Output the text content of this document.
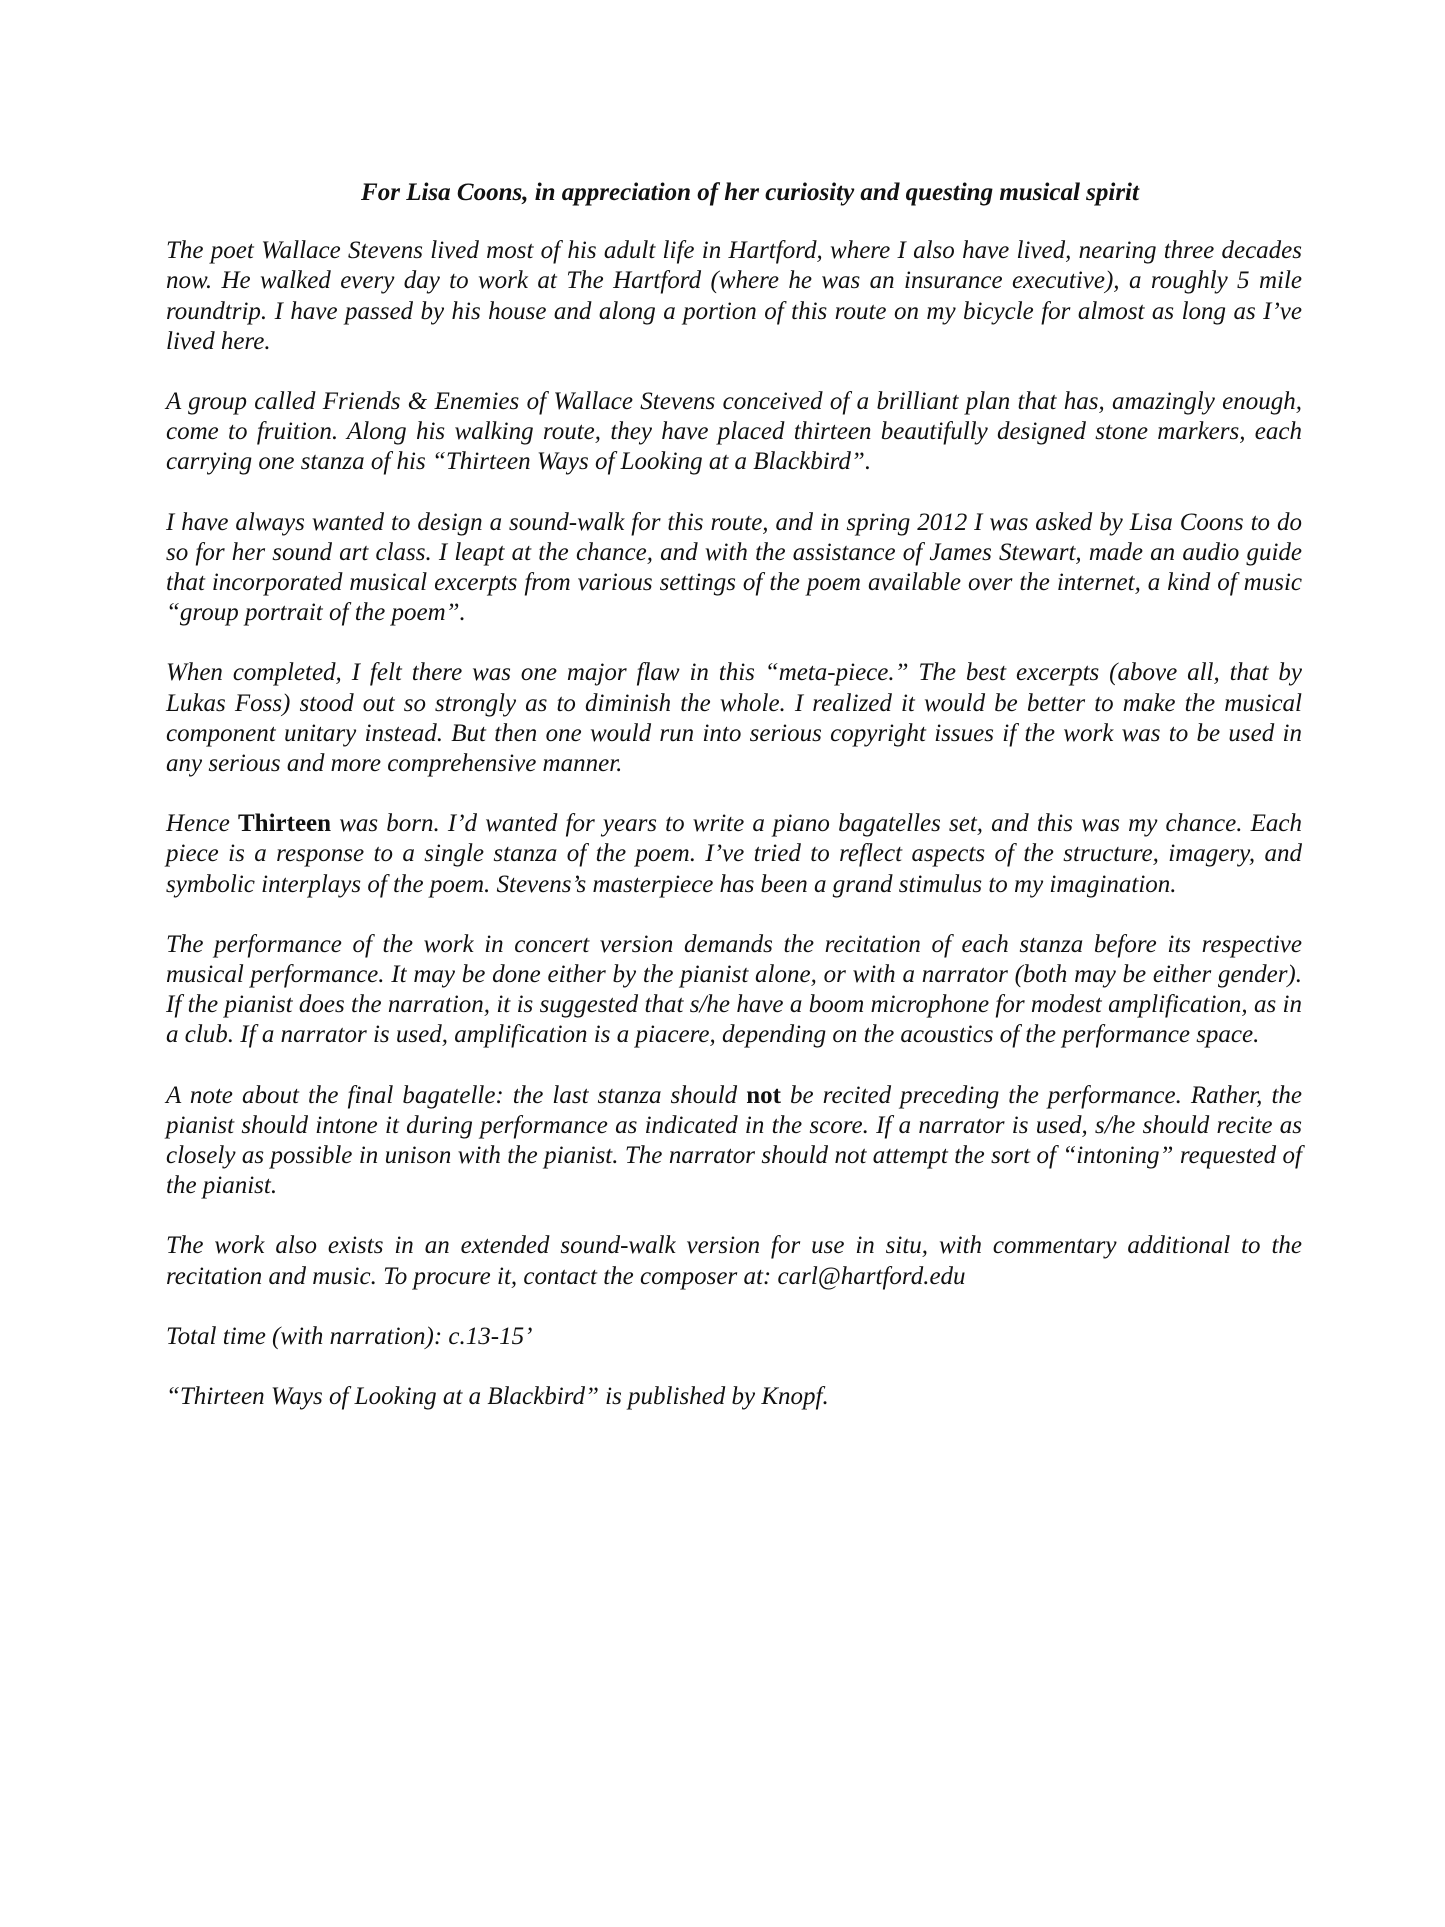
For Lisa Coons, in appreciation of her curiosity and questing musical spirit

The poet Wallace Stevens lived most of his adult life in Hartford, where I also have lived, nearing three decades now. He walked every day to work at The Hartford (where he was an insurance executive), a roughly 5 mile roundtrip. I have passed by his house and along a portion of this route on my bicycle for almost as long as I’ve lived here.

A group called Friends & Enemies of Wallace Stevens conceived of a brilliant plan that has, amazingly enough, come to fruition. Along his walking route, they have placed thirteen beautifully designed stone markers, each carrying one stanza of his “Thirteen Ways of Looking at a Blackbird”.

I have always wanted to design a sound-walk for this route, and in spring 2012 I was asked by Lisa Coons to do so for her sound art class. I leapt at the chance, and with the assistance of James Stewart, made an audio guide that incorporated musical excerpts from various settings of the poem available over the internet, a kind of music “group portrait of the poem”.

When completed, I felt there was one major flaw in this “meta-piece.” The best excerpts (above all, that by Lukas Foss) stood out so strongly as to diminish the whole. I realized it would be better to make the musical component unitary instead. But then one would run into serious copyright issues if the work was to be used in any serious and more comprehensive manner.

Hence Thirteen was born. I’d wanted for years to write a piano bagatelles set, and this was my chance. Each piece is a response to a single stanza of the poem. I’ve tried to reflect aspects of the structure, imagery, and symbolic interplays of the poem. Stevens’s masterpiece has been a grand stimulus to my imagination.

The performance of the work in concert version demands the recitation of each stanza before its respective musical performance. It may be done either by the pianist alone, or with a narrator (both may be either gender). If the pianist does the narration, it is suggested that s/he have a boom microphone for modest amplification, as in a club. If a narrator is used, amplification is a piacere, depending on the acoustics of the performance space.

A note about the final bagatelle: the last stanza should not be recited preceding the performance. Rather, the pianist should intone it during performance as indicated in the score. If a narrator is used, s/he should recite as closely as possible in unison with the pianist. The narrator should not attempt the sort of “intoning” requested of the pianist.

The work also exists in an extended sound-walk version for use in situ, with commentary additional to the recitation and music. To procure it, contact the composer at: carl@hartford.edu

Total time (with narration): c.13-15’

“Thirteen Ways of Looking at a Blackbird” is published by Knopf.
